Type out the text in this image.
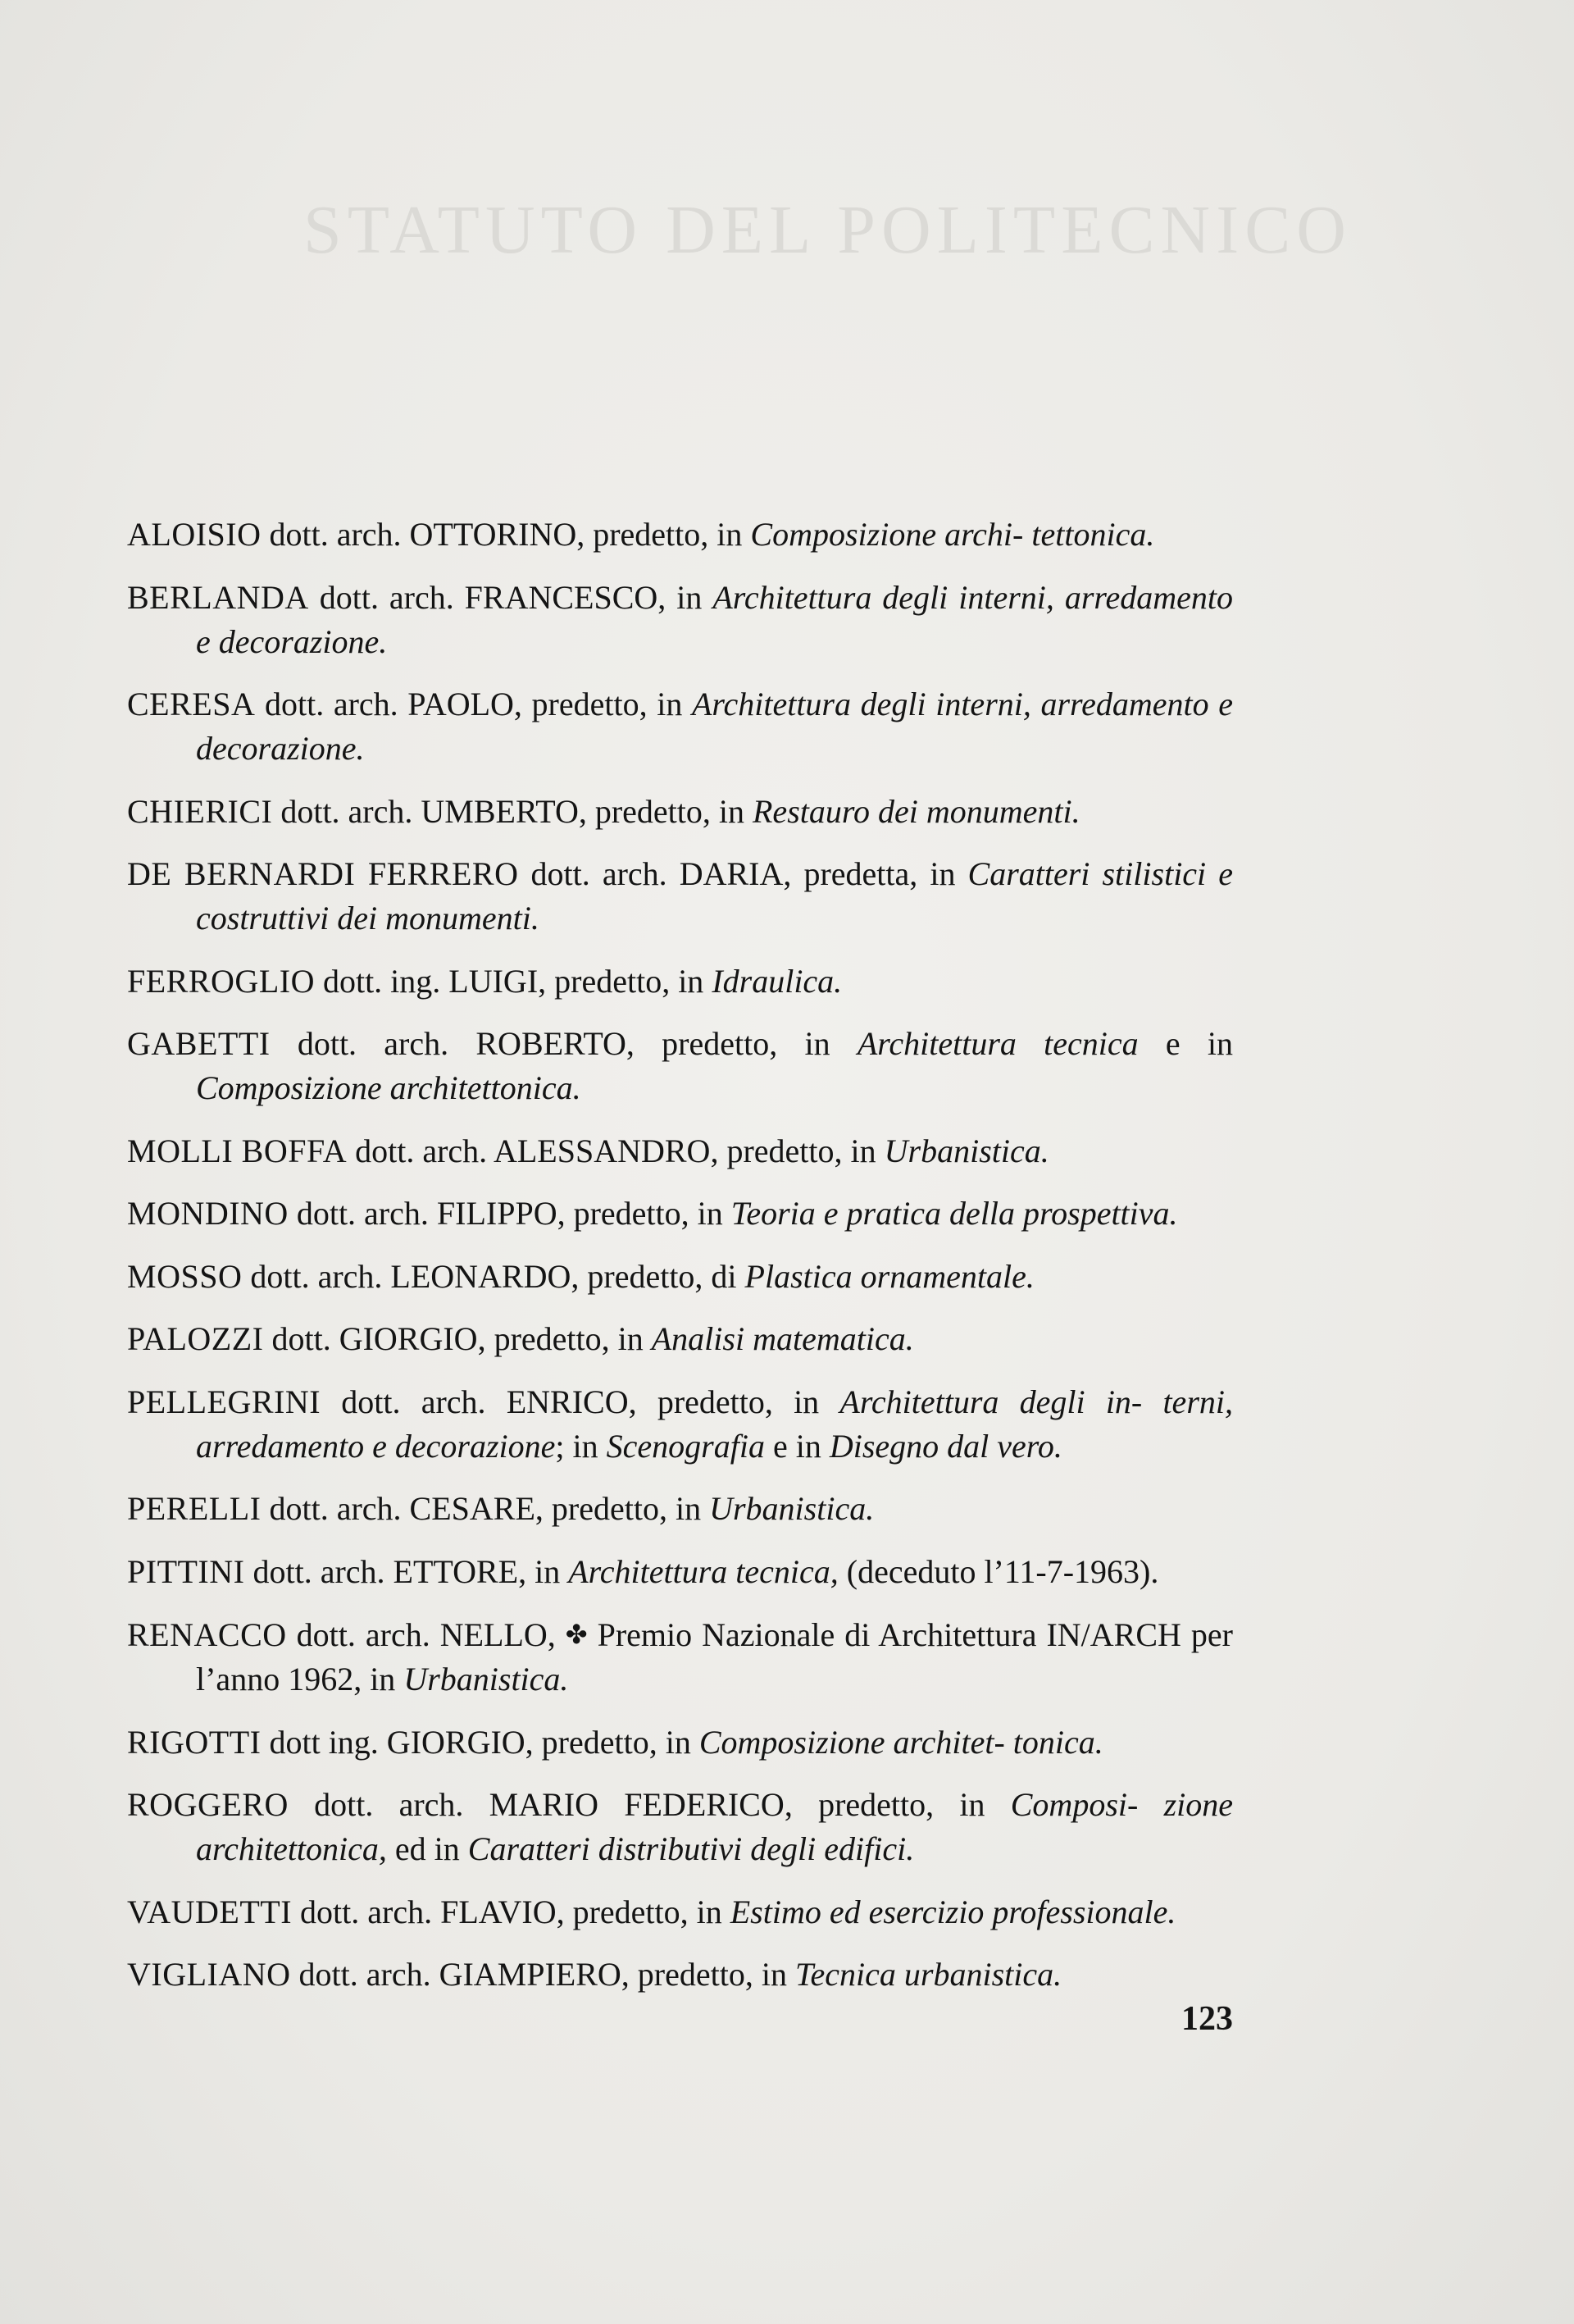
STATUTO DEL POLITECNICO

ALOISIO dott. arch. OTTORINO, predetto, in Composizione archi- tettonica.

BERLANDA dott. arch. FRANCESCO, in Architettura degli interni, arredamento e decorazione.

CERESA dott. arch. PAOLO, predetto, in Architettura degli interni, arredamento e decorazione.

CHIERICI dott. arch. UMBERTO, predetto, in Restauro dei monumenti.

DE BERNARDI FERRERO dott. arch. DARIA, predetta, in Caratteri stilistici e costruttivi dei monumenti.

FERROGLIO dott. ing. LUIGI, predetto, in Idraulica.

GABETTI dott. arch. ROBERTO, predetto, in Architettura tecnica e in Composizione architettonica.

MOLLI BOFFA dott. arch. ALESSANDRO, predetto, in Urbanistica.

MONDINO dott. arch. FILIPPO, predetto, in Teoria e pratica della prospettiva.

MOSSO dott. arch. LEONARDO, predetto, di Plastica ornamentale.

PALOZZI dott. GIORGIO, predetto, in Analisi matematica.

PELLEGRINI dott. arch. ENRICO, predetto, in Architettura degli in- terni, arredamento e decorazione; in Scenografia e in Disegno dal vero.

PERELLI dott. arch. CESARE, predetto, in Urbanistica.

PITTINI dott. arch. ETTORE, in Architettura tecnica, (deceduto l’11-7-1963).

RENACCO dott. arch. NELLO, ✤ Premio Nazionale di Architettura IN/ARCH per l’anno 1962, in Urbanistica.

RIGOTTI dott ing. GIORGIO, predetto, in Composizione architet- tonica.

ROGGERO dott. arch. MARIO FEDERICO, predetto, in Composi- zione architettonica, ed in Caratteri distributivi degli edifici.

VAUDETTI dott. arch. FLAVIO, predetto, in Estimo ed esercizio professionale.

VIGLIANO dott. arch. GIAMPIERO, predetto, in Tecnica urbanistica.

123
